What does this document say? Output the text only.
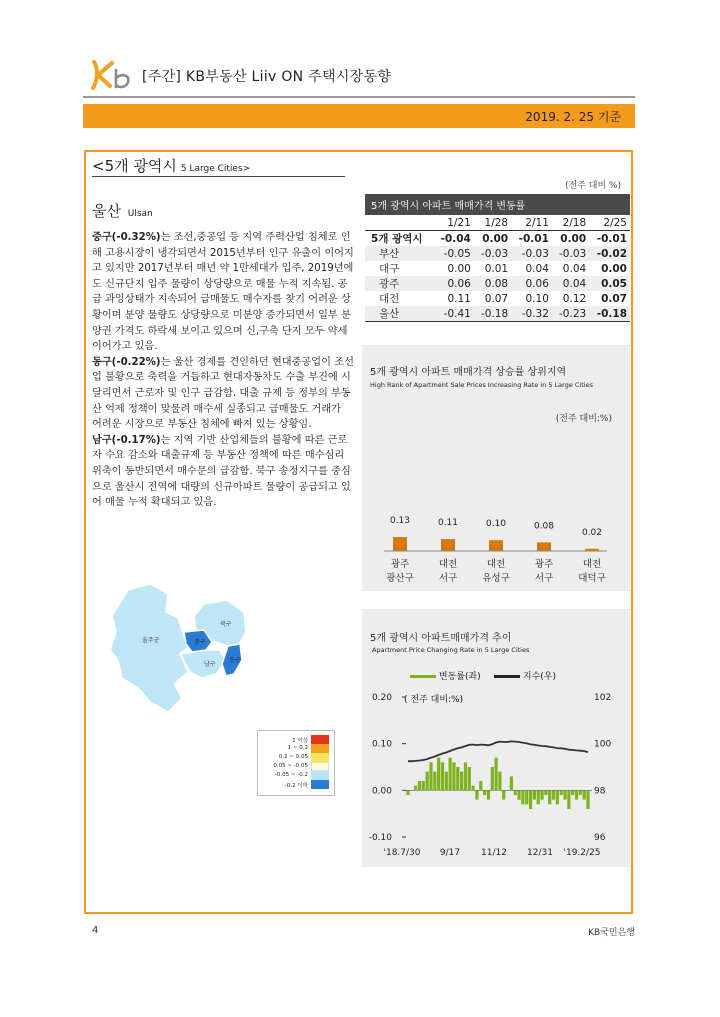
[주간] KB부동산 Liiv ON 주택시장동향
2019. 2. 25 기준
<5개 광역시 5 Large Cities>
울산 Ulsan

중구(-0.32%)는 조선,중공업 등 지역 주력산업 침체로 인해 고용시장이 냉각되면서 2015년부터 인구 유출이 이어지고 있지만 2017년부터 매년 약 1만세대가 입주, 2019년에도 신규단지 입주 물량이 상당량으로 매물 누적 지속됨. 공급 과잉상태가 지속되어 급매물도 매수자를 찾기 어려운 상황이며 분양 물량도 상당량으로 미분양 증가되면서 일부 분양권 가격도 하락세 보이고 있으며 신,구축 단지 모두 약세 이어가고 있음.

동구(-0.22%)는 울산 경제를 견인하던 현대중공업이 조선업 불황으로 축력을 거듭하고 현대자동차도 수출 부진에 시달리면서 근로자 및 인구 급감함. 대출 규제 등 정부의 부동산 억제 정책이 맞물려 매수세 실종되고 급매물도 거래가 어려운 시장으로 부동산 침체에 빠져 있는 상황임.

남구(-0.17%)는 지역 기반 산업체들의 불황에 따른 근로자 수요 감소와 대출규제 등 부동산 정책에 따른 매수심리 위축이 동반되면서 매수문의 급감함. 북구 송정지구를 중심으로 울산시 전역에 대량의 신규아파트 물량이 공급되고 있어 매물 누적 확대되고 있음.

(전주 대비 %)
5개 광역시 아파트 매매가격 변동률					
	1/21	1/28	2/11	2/18	2/25
5개 광역시	-0.04	0.00	-0.01	0.00	-0.01
부산	-0.05	-0.03	-0.03	-0.03	-0.02
대구	0.00	0.01	0.04	0.04	0.00
광주	0.06	0.08	0.06	0.04	0.05
대전	0.11	0.07	0.10	0.12	0.07
울산	-0.41	-0.18	-0.32	-0.23	-0.18
5개 광역시 아파트 매매가격 상승률 상위지역
High Rank of Apartment Sale Prices Increasing Rate in 5 Large Cities
(전주 대비:%)
0.13
광주
광산구
0.11
대전
서구
0.10
대전
유성구
0.08
광주
서구
0.02
대전
대덕구
5개 광역시 아파트매매가격 추이
Apartment Price Changing Rate in 5 Large Cities
변동률(좌)	지수(우)
( 전주 대비:%)
0.20
0.10
0.00
-0.10
102
100
98
96
'18.7/30 9/17 11/12 12/31 '19.2/25
울주군	중구
북구
남구
동구
1 이상
1 ~ 0.2
0.2 ~ 0.05
0.05 ~ -0.05
-0.05 ~ -0.2
-0.2 이하
4	KB국민은행
